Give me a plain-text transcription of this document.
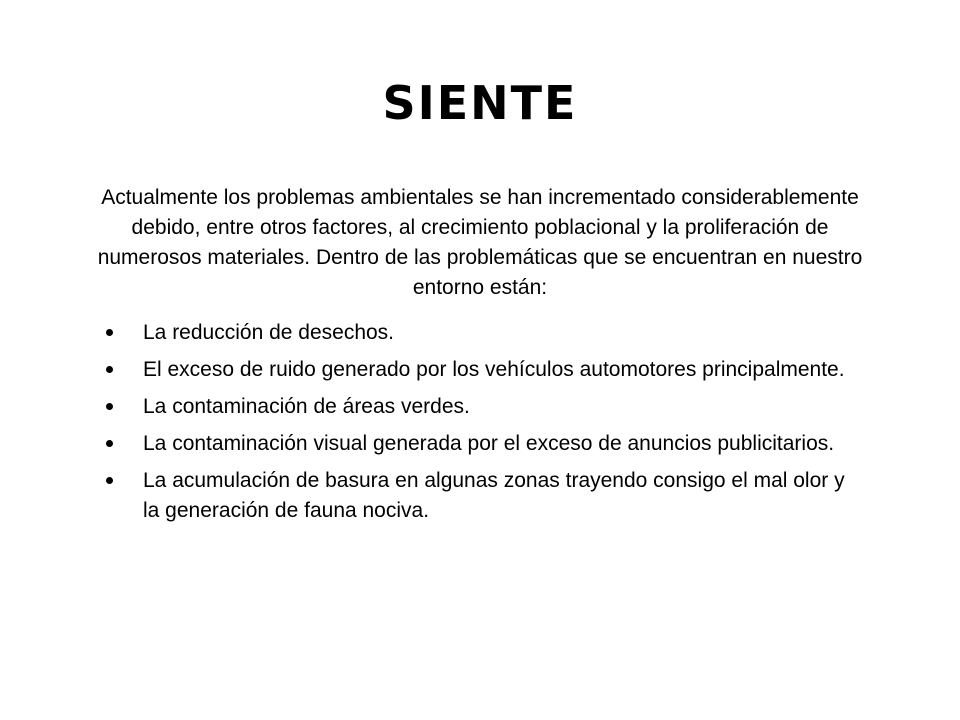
SIENTE

Actualmente los problemas ambientales se han incrementado considerablemente debido, entre otros factores, al crecimiento poblacional y la proliferación de numerosos materiales. Dentro de las problemáticas que se encuentran en nuestro entorno están:

La reducción de desechos.
El exceso de ruido generado por los vehículos automotores principalmente.
La contaminación de áreas verdes.
La contaminación visual generada por el exceso de anuncios publicitarios.
La acumulación de basura en algunas zonas trayendo consigo el mal olor y la generación de fauna nociva.
